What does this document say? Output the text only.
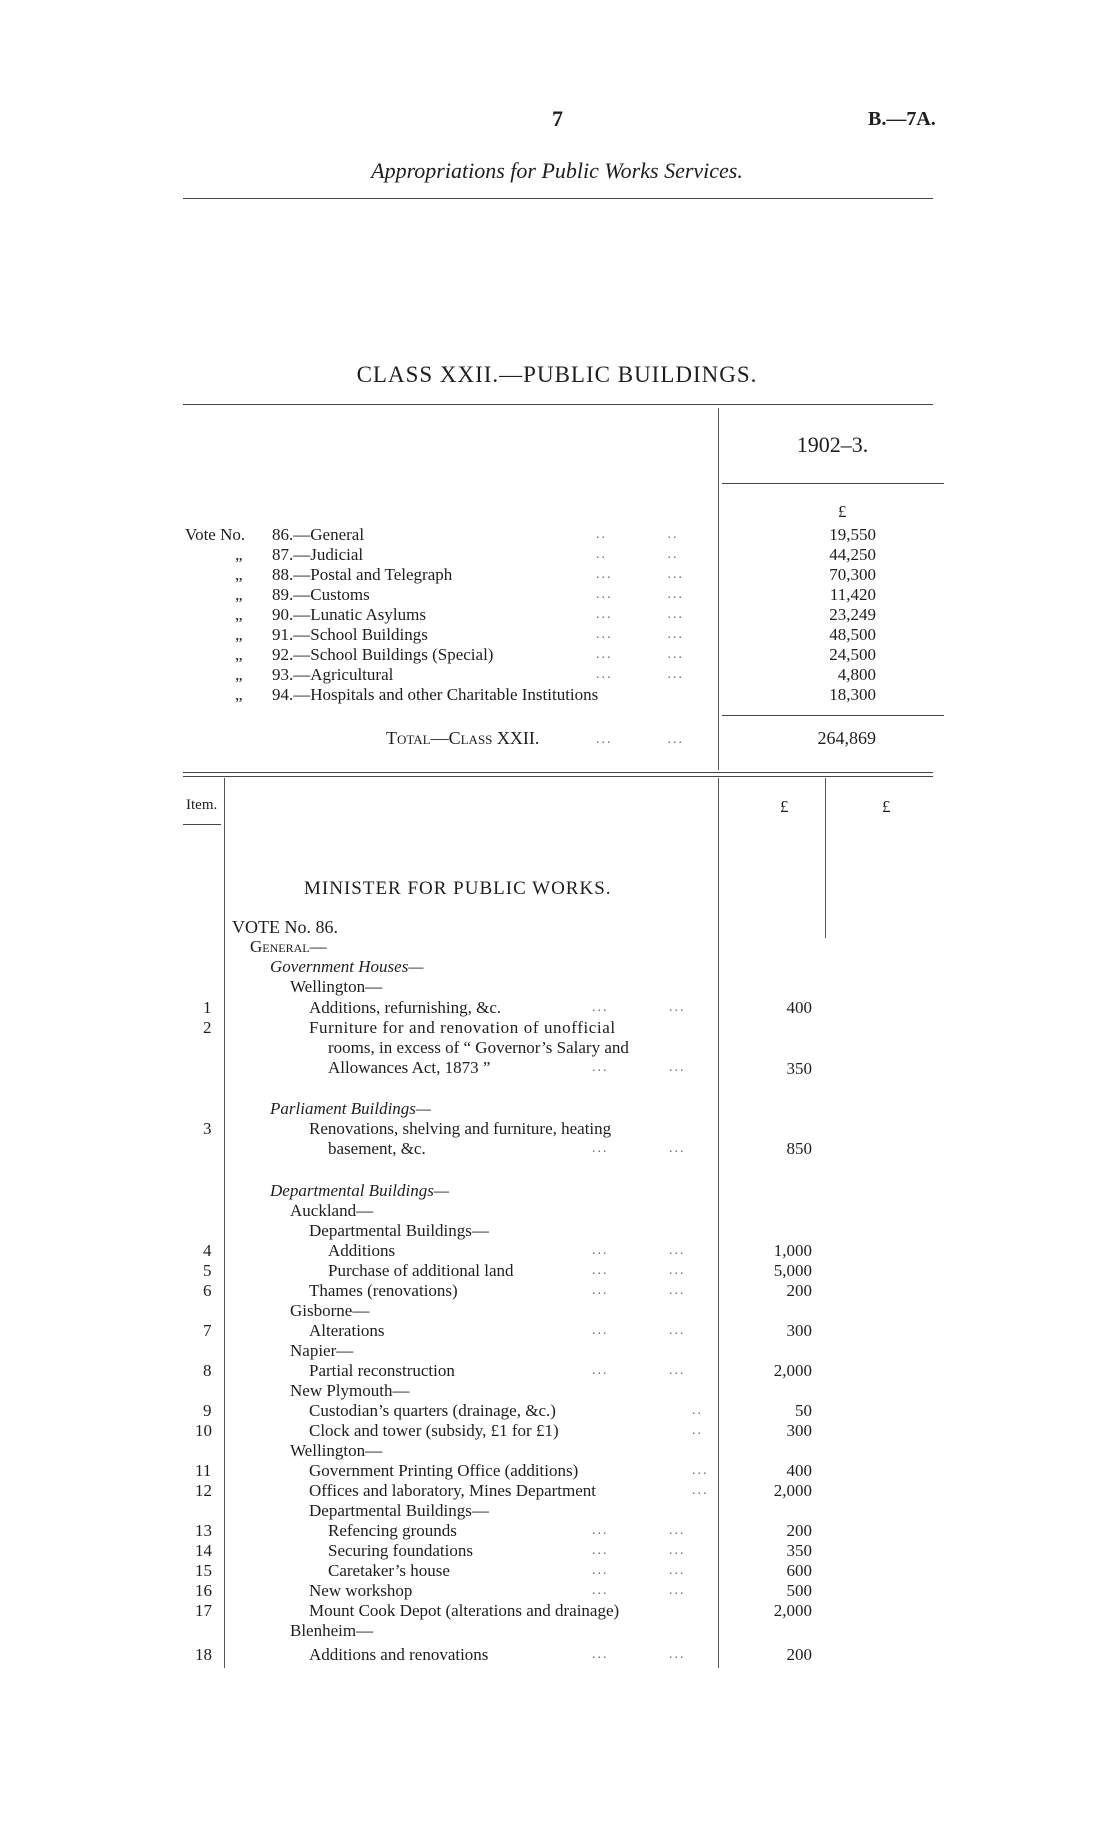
7	B.—7A.
Appropriations for Public Works Services.
CLASS XXII.—PUBLIC BUILDINGS.
1902–3.
£
Vote No. 86.—General	..           ..	19,550
„ 87.—Judicial	..           ..	44,250
„ 88.—Postal and Telegraph	...          ...	70,300
„ 89.—Customs	...          ...	11,420
„ 90.—Lunatic Asylums	...          ...	23,249
„ 91.—School Buildings	...          ...	48,500
„ 92.—School Buildings (Special)	...          ...	24,500
„ 93.—Agricultural	...          ...	4,800
„ 94.—Hospitals and other Charitable Institutions	18,300
Total—Class XXII.	...          ...	264,869
Item.	£	£
MINISTER FOR PUBLIC WORKS.
VOTE No. 86.
General—
Government Houses—
Wellington—
1	Additions, refurnishing, &c.	...           ...	400
2	Furniture for and renovation of unofficial
rooms, in excess of “ Governor’s Salary and
Allowances Act, 1873 ”	...           ...	350
Parliament Buildings—
3	Renovations, shelving and furniture, heating
basement, &c.	...           ...	850
Departmental Buildings—
Auckland—
Departmental Buildings—
4	Additions	...           ...	1,000
5	Purchase of additional land	...           ...	5,000
6	Thames (renovations)	...           ...	200
Gisborne—
7	Alterations	...           ...	300
Napier—
8	Partial reconstruction	...           ...	2,000
New Plymouth—
9	Custodian’s quarters (drainage, &c.)	..	50
10	Clock and tower (subsidy, £1 for £1)	..	300
Wellington—
11	Government Printing Office (additions)	...	400
12	Offices and laboratory, Mines Department	...	2,000
Departmental Buildings—
13	Refencing grounds	...           ...	200
14	Securing foundations	...           ...	350
15	Caretaker’s house	...           ...	600
16	New workshop	...           ...	500
17	Mount Cook Depot (alterations and drainage)	2,000
Blenheim—
18	Additions and renovations	...           ...	200
